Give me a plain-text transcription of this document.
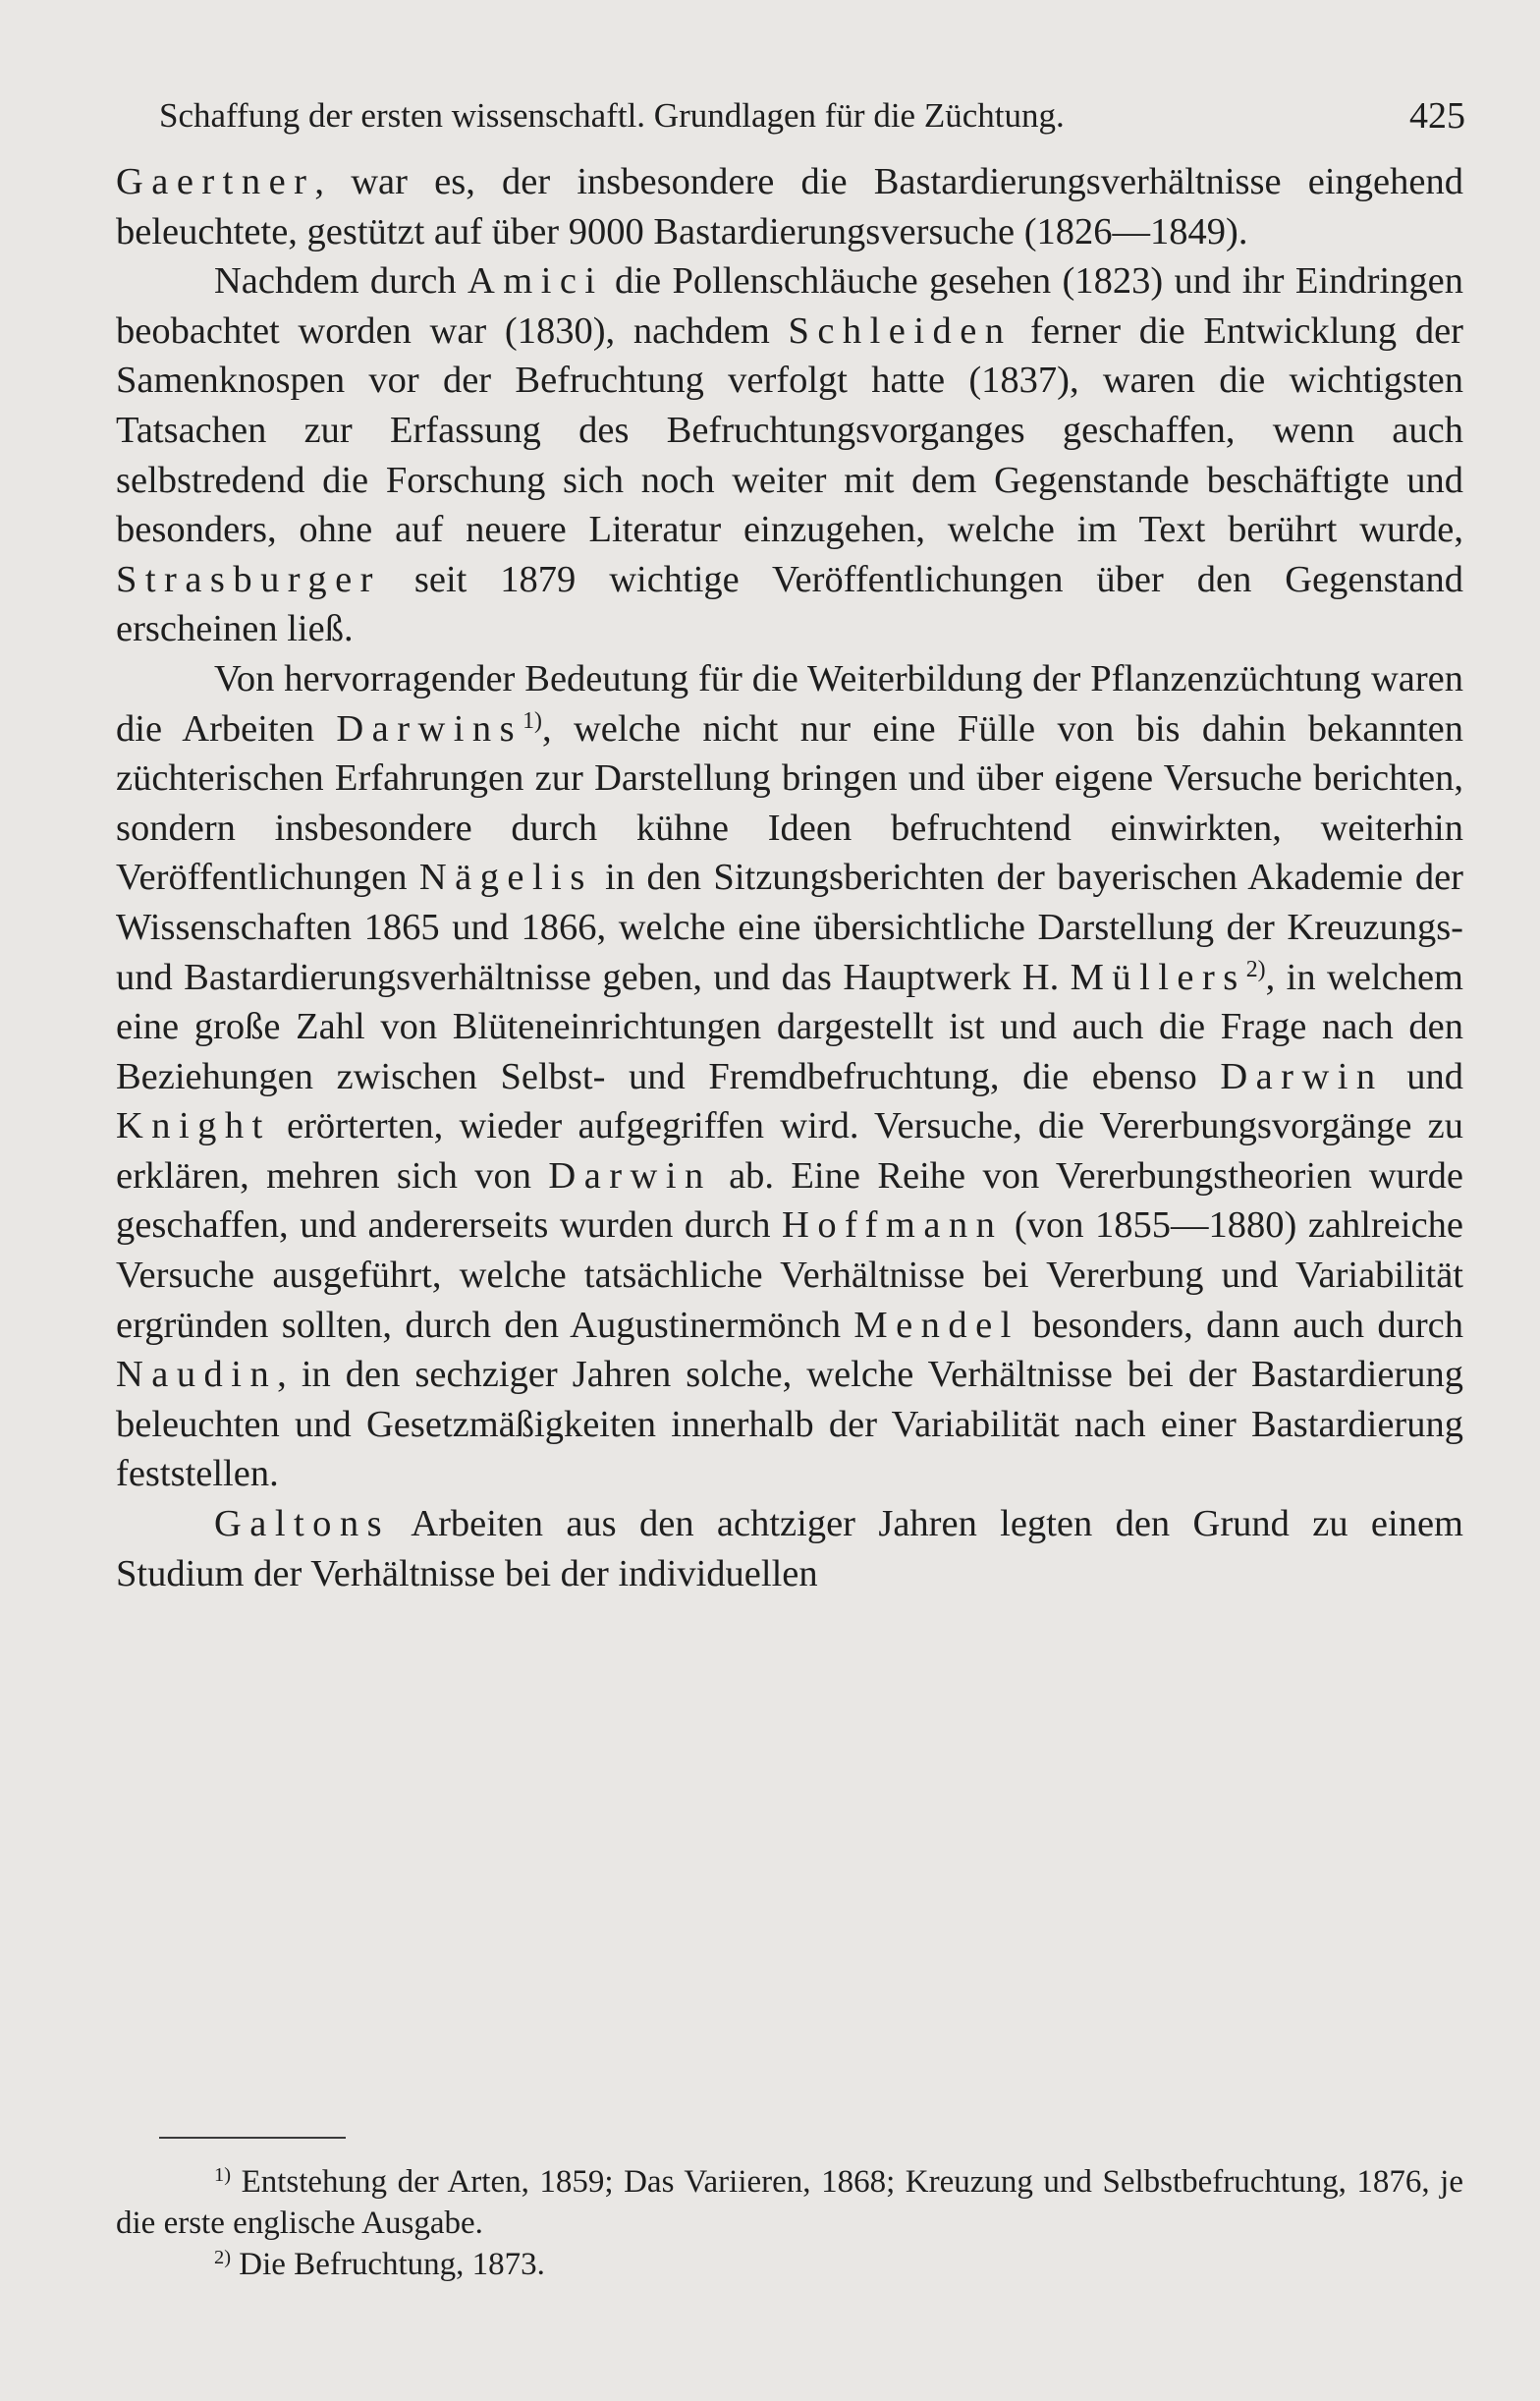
Schaffung der ersten wissenschaftl. Grundlagen für die Züchtung.	425

Gaertner, war es, der insbesondere die Bastardierungsverhältnisse eingehend beleuchtete, gestützt auf über 9000 Bastardierungsversuche (1826—1849).

Nachdem durch Amici die Pollenschläuche gesehen (1823) und ihr Eindringen beobachtet worden war (1830), nachdem Schleiden ferner die Entwicklung der Samenknospen vor der Befruchtung verfolgt hatte (1837), waren die wichtigsten Tatsachen zur Erfassung des Befruchtungsvorganges geschaffen, wenn auch selbstredend die Forschung sich noch weiter mit dem Gegenstande beschäftigte und besonders, ohne auf neuere Literatur einzugehen, welche im Text berührt wurde, Strasburger seit 1879 wichtige Veröffentlichungen über den Gegenstand erscheinen ließ.

Von hervorragender Bedeutung für die Weiterbildung der Pflanzenzüchtung waren die Arbeiten Darwins$^{1)}$, welche nicht nur eine Fülle von bis dahin bekannten züchterischen Erfahrungen zur Darstellung bringen und über eigene Versuche berichten, sondern insbesondere durch kühne Ideen befruchtend einwirkten, weiterhin Veröffentlichungen Nägelis in den Sitzungsberichten der bayerischen Akademie der Wissenschaften 1865 und 1866, welche eine übersichtliche Darstellung der Kreuzungs- und Bastardierungsverhältnisse geben, und das Hauptwerk H. Müllers$^{2)}$, in welchem eine große Zahl von Blüteneinrichtungen dargestellt ist und auch die Frage nach den Beziehungen zwischen Selbst- und Fremdbefruchtung, die ebenso Darwin und Knight erörterten, wieder aufgegriffen wird. Versuche, die Vererbungsvorgänge zu erklären, mehren sich von Darwin ab. Eine Reihe von Vererbungstheorien wurde geschaffen, und andererseits wurden durch Hoffmann (von 1855—1880) zahlreiche Versuche ausgeführt, welche tatsächliche Verhältnisse bei Vererbung und Variabilität ergründen sollten, durch den Augustinermönch Mendel besonders, dann auch durch Naudin, in den sechziger Jahren solche, welche Verhältnisse bei der Bastardierung beleuchten und Gesetzmäßigkeiten innerhalb der Variabilität nach einer Bastardierung feststellen.

Galtons Arbeiten aus den achtziger Jahren legten den Grund zu einem Studium der Verhältnisse bei der individuellen

$^{1)}$ Entstehung der Arten, 1859; Das Variieren, 1868; Kreuzung und Selbstbefruchtung, 1876, je die erste englische Ausgabe.

$^{2)}$ Die Befruchtung, 1873.
